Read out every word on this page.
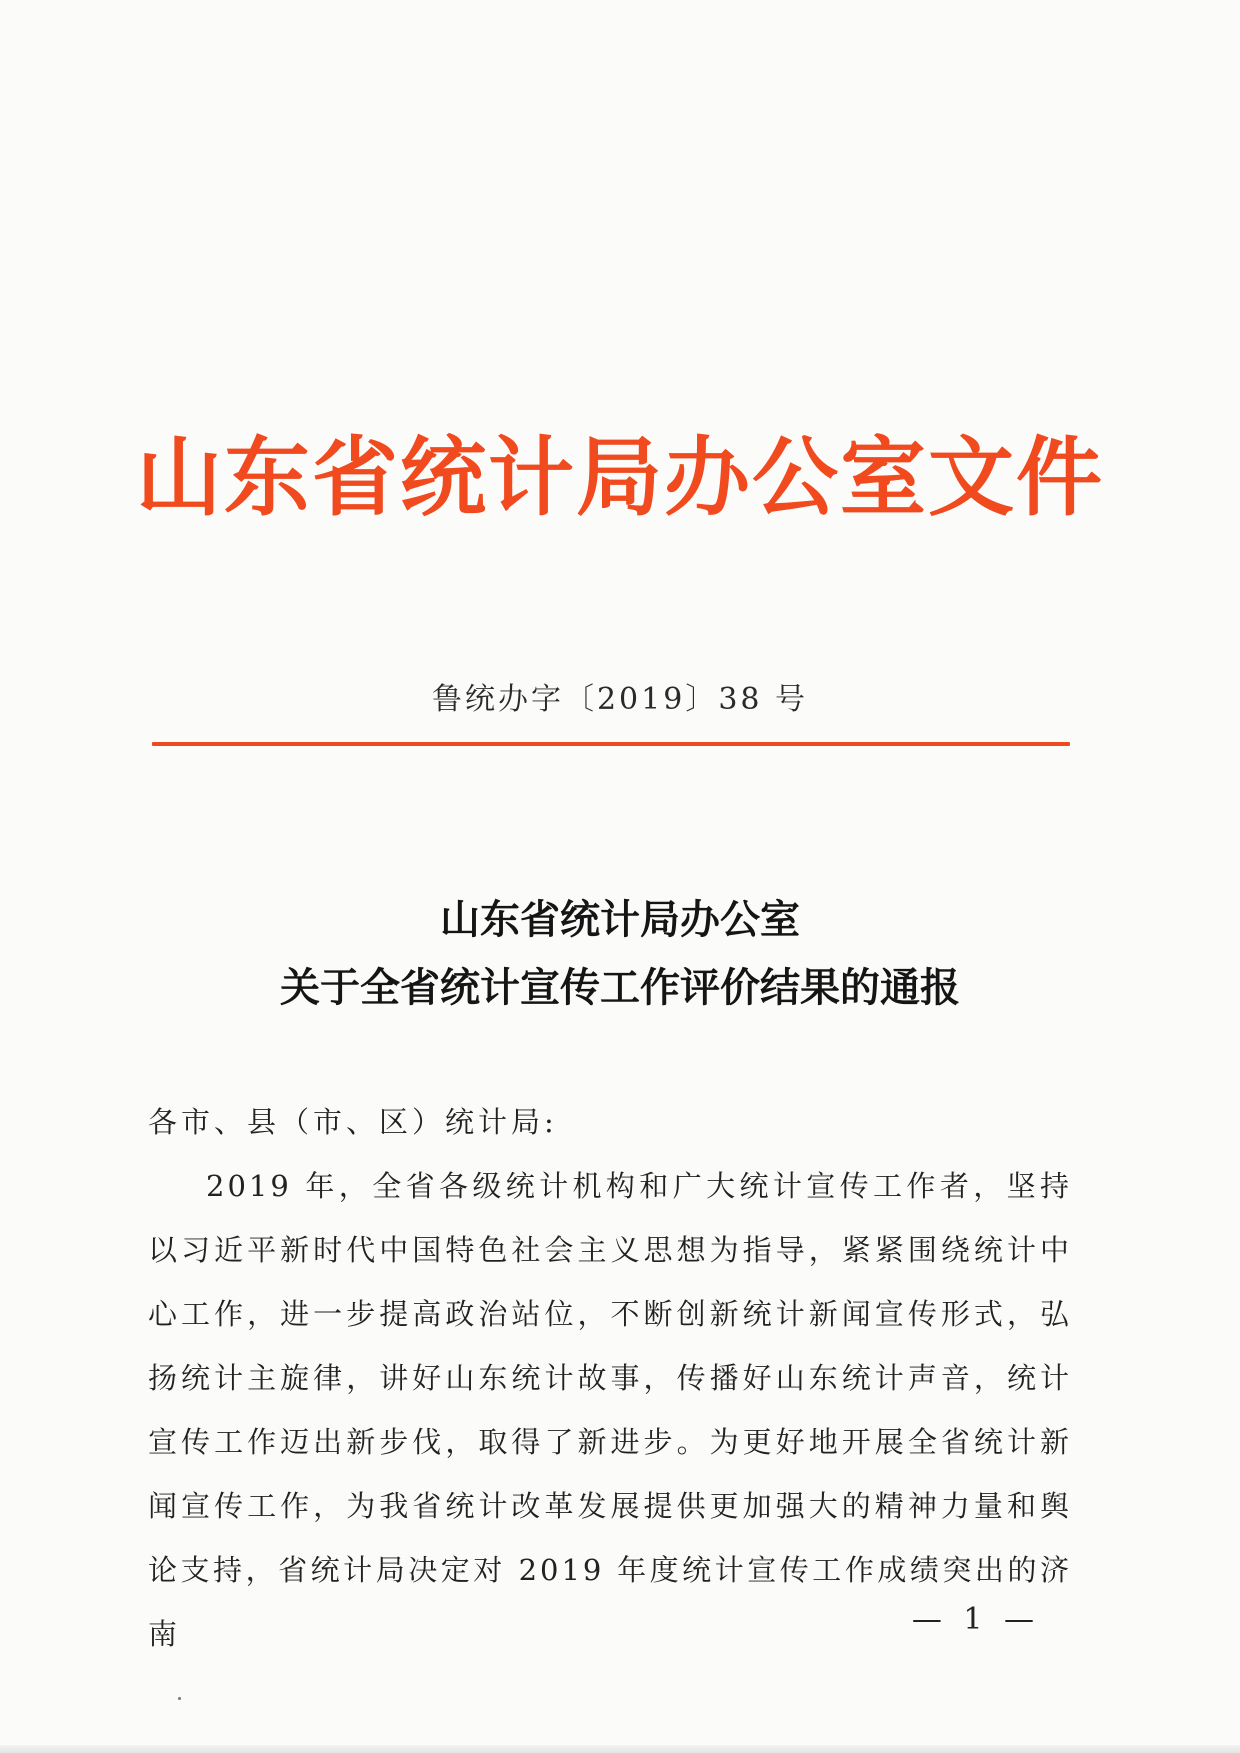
山东省统计局办公室文件
鲁统办字〔2019〕38 号
山东省统计局办公室
关于全省统计宣传工作评价结果的通报

各市、县（市、区）统计局:

2019 年，全省各级统计机构和广大统计宣传工作者，坚持以习近平新时代中国特色社会主义思想为指导，紧紧围绕统计中心工作，进一步提高政治站位，不断创新统计新闻宣传形式，弘扬统计主旋律，讲好山东统计故事，传播好山东统计声音，统计宣传工作迈出新步伐，取得了新进步。为更好地开展全省统计新闻宣传工作，为我省统计改革发展提供更加强大的精神力量和舆论支持，省统计局决定对 2019 年度统计宣传工作成绩突出的济南	— 1 —
